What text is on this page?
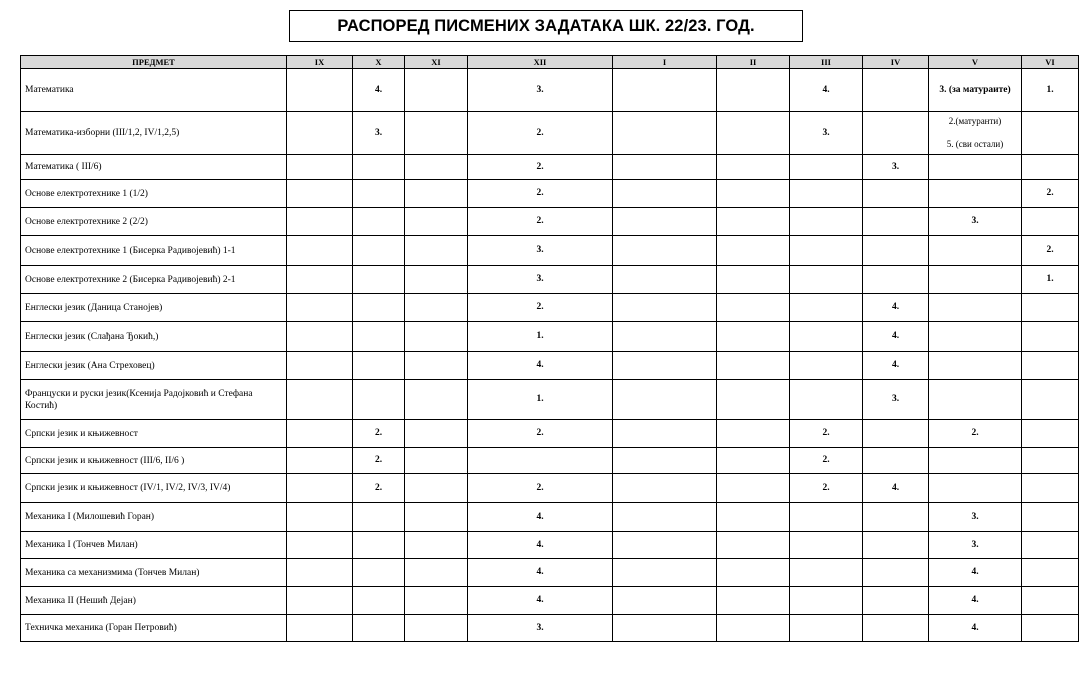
РАСПОРЕД ПИСМЕНИХ ЗАДАТАКА ШК. 22/23. ГОД.
ПРЕДМЕТ	IX	X	XI	XII	I	II	III	IV	V	VI
Математика		4.		3.			4.		3. (за матураите)	1.
Математика-изборни (III/1,2, IV/1,2,5)		3.		2.			3.		2.(матуранти)
5. (сви остали)	

Математика ( III/6)				2.				3.		
Основе електротехнике 1 (1/2)				2.						2.
Основе електротехнике 2 (2/2)				2.					3.	
Основе електротехнике 1 (Бисерка Радивојевић) 1-1				3.						2.
Основе електротехнике 2 (Бисерка Радивојевић) 2-1				3.						1.
Енглески језик (Даница Станојев)				2.				4.		
Енглески језик (Слађана Ђокић,)				1.				4.		
Енглески језик (Ана Стреховец)				4.				4.		
Француски и руски језик(Ксенија Радојковић и Стефана Костић)				1.				3.		
Српски језик и књижевност		2.		2.			2.		2.	
Српски језик и књижевност (III/6, II/6 )		2.					2.			
Српски језик и књижевност (IV/1, IV/2, IV/3, IV/4)		2.		2.			2.	4.		
Механика I (Милошевић Горан)				4.					3.	
Механика I (Тончев Милан)				4.					3.	
Механика са механизмима (Тончев Милан)				4.					4.	
Механика II (Нешић Дејан)				4.					4.	
Техничка механика (Горан Петровић)				3.					4.	
